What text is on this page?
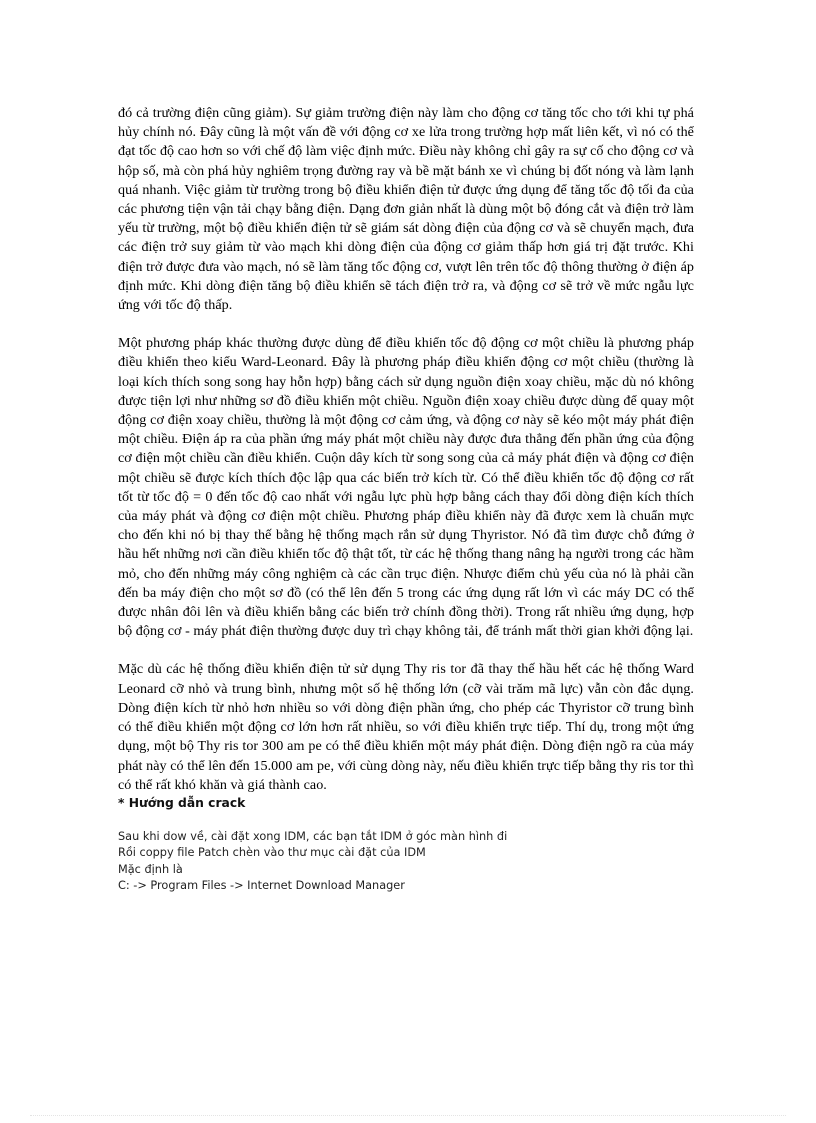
đó cả trường điện cũng giảm). Sự giảm trường điện này làm cho động cơ tăng tốc cho tới khi tự phá hủy chính nó. Đây cũng là một vấn đề với động cơ xe lửa trong trường hợp mất liên kết, vì nó có thể đạt tốc độ cao hơn so với chế độ làm việc định mức. Điều này không chỉ gây ra sự cố cho động cơ và hộp số, mà còn phá hủy nghiêm trọng đường ray và bề mặt bánh xe vì chúng bị đốt nóng và làm lạnh quá nhanh. Việc giảm từ trường trong bộ điều khiển điện tử được ứng dụng để tăng tốc độ tối đa của các phương tiện vận tải chạy bằng điện. Dạng đơn giản nhất là dùng một bộ đóng cắt và điện trở làm yếu từ trường, một bộ điều khiển điện tử sẽ giám sát dòng điện của động cơ và sẽ chuyển mạch, đưa các điện trở suy giảm từ vào mạch khi dòng điện của động cơ giảm thấp hơn giá trị đặt trước. Khi điện trở được đưa vào mạch, nó sẽ làm tăng tốc động cơ, vượt lên trên tốc độ thông thường ở điện áp định mức. Khi dòng điện tăng bộ điều khiển sẽ tách điện trở ra, và động cơ sẽ trở về mức ngẫu lực ứng với tốc độ thấp.

Một phương pháp khác thường được dùng để điều khiển tốc độ động cơ một chiều là phương pháp điều khiển theo kiểu Ward-Leonard. Đây là phương pháp điều khiển động cơ một chiều (thường là loại kích thích song song hay hỗn hợp) bằng cách sử dụng nguồn điện xoay chiều, mặc dù nó không được tiện lợi như những sơ đồ điều khiển một chiều. Nguồn điện xoay chiều được dùng để quay một động cơ điện xoay chiều, thường là một động cơ cảm ứng, và động cơ này sẽ kéo một máy phát điện một chiều. Điện áp ra của phần ứng máy phát một chiều này được đưa thẳng đến phần ứng của động cơ điện một chiều cần điều khiển. Cuộn dây kích từ song song của cả máy phát điện và động cơ điện một chiều sẽ được kích thích độc lập qua các biến trở kích từ. Có thể điều khiển tốc độ động cơ rất tốt từ tốc độ = 0 đến tốc độ cao nhất với ngẫu lực phù hợp bằng cách thay đổi dòng điện kích thích của máy phát và động cơ điện một chiều. Phương pháp điều khiển này đã được xem là chuẩn mực cho đến khi nó bị thay thế bằng hệ thống mạch rắn sử dụng Thyristor. Nó đã tìm được chỗ đứng ở hầu hết những nơi cần điều khiển tốc độ thật tốt, từ các hệ thống thang nâng hạ người trong các hầm mỏ, cho đến những máy công nghiệm cà các cần trục điện. Nhược điểm chủ yếu của nó là phải cần đến ba máy điện cho một sơ đồ (có thể lên đến 5 trong các ứng dụng rất lớn vì các máy DC có thể được nhân đôi lên và điều khiển bằng các biến trở chính đồng thời). Trong rất nhiều ứng dụng, hợp bộ động cơ - máy phát điện thường được duy trì chạy không tải, để tránh mất thời gian khởi động lại.

Mặc dù các hệ thống điều khiển điện tử sử dụng Thy ris tor đã thay thế hầu hết các hệ thống Ward Leonard cỡ nhỏ và trung bình, nhưng một số hệ thống lớn (cỡ vài trăm mã lực) vẫn còn đắc dụng. Dòng điện kích từ nhỏ hơn nhiều so với dòng điện phần ứng, cho phép các Thyristor cỡ trung bình có thể điều khiển một động cơ lớn hơn rất nhiều, so với điều khiển trực tiếp. Thí dụ, trong một ứng dụng, một bộ Thy ris tor 300 am pe có thể điều khiển một máy phát điện. Dòng điện ngõ ra của máy phát này có thể lên đến 15.000 am pe, với cùng dòng này, nếu điều khiển trực tiếp bằng thy ris tor thì có thể rất khó khăn và giá thành cao.

* Hướng dẫn crack

Sau khi dow về, cài đặt xong IDM, các bạn tắt IDM ở góc màn hình đi
Rồi coppy file Patch chèn vào thư mục cài đặt của IDM
Mặc định là
C: -> Program Files -> Internet Download Manager
